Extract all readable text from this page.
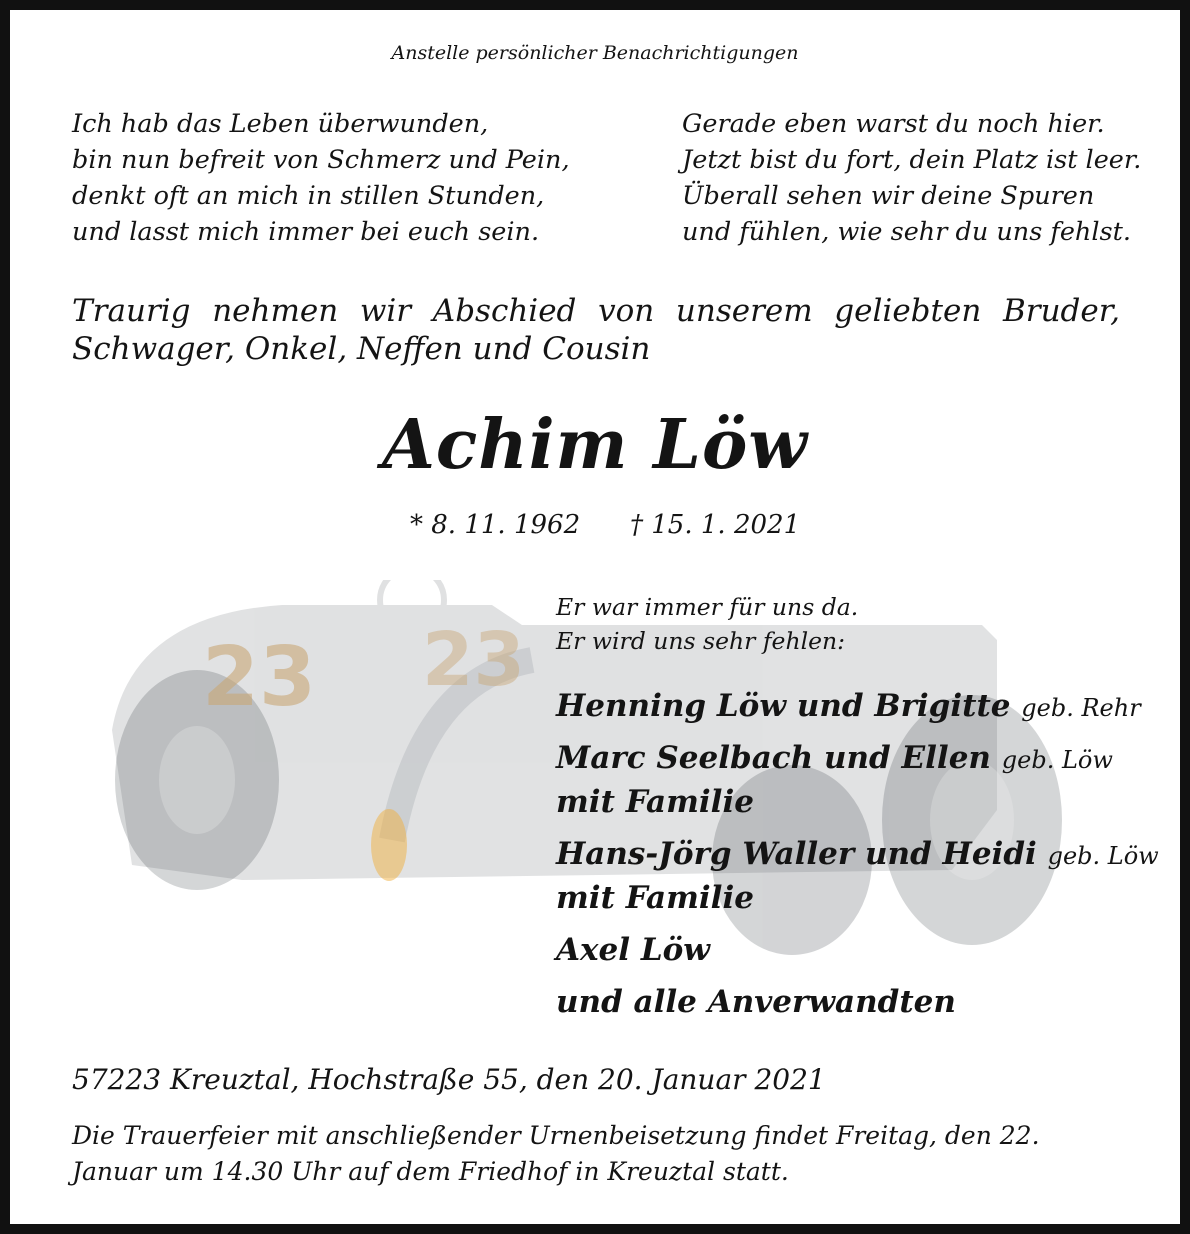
23 23
Anstelle persönlicher Benachrichtigungen
Ich hab das Leben überwunden,
bin nun befreit von Schmerz und Pein,
denkt oft an mich in stillen Stunden,
und lasst mich immer bei euch sein.
Gerade eben warst du noch hier.
Jetzt bist du fort, dein Platz ist leer.
Überall sehen wir deine Spuren
und fühlen, wie sehr du uns fehlst.
Traurig nehmen wir Abschied von unserem geliebten Bruder, Schwager, Onkel, Neffen und Cousin
Achim Löw
* 8. 11. 1962 † 15. 1. 2021
Er war immer für uns da.
Er wird uns sehr fehlen:
Henning Löw und Brigitte geb. Rehr
Marc Seelbach und Ellen geb. Löw
mit Familie
Hans-Jörg Waller und Heidi geb. Löw
mit Familie
Axel Löw
und alle Anverwandten
57223 Kreuztal, Hochstraße 55, den 20. Januar 2021
Die Trauerfeier mit anschließender Urnenbeisetzung findet Freitag, den 22. Januar um 14.30 Uhr auf dem Friedhof in Kreuztal statt.
